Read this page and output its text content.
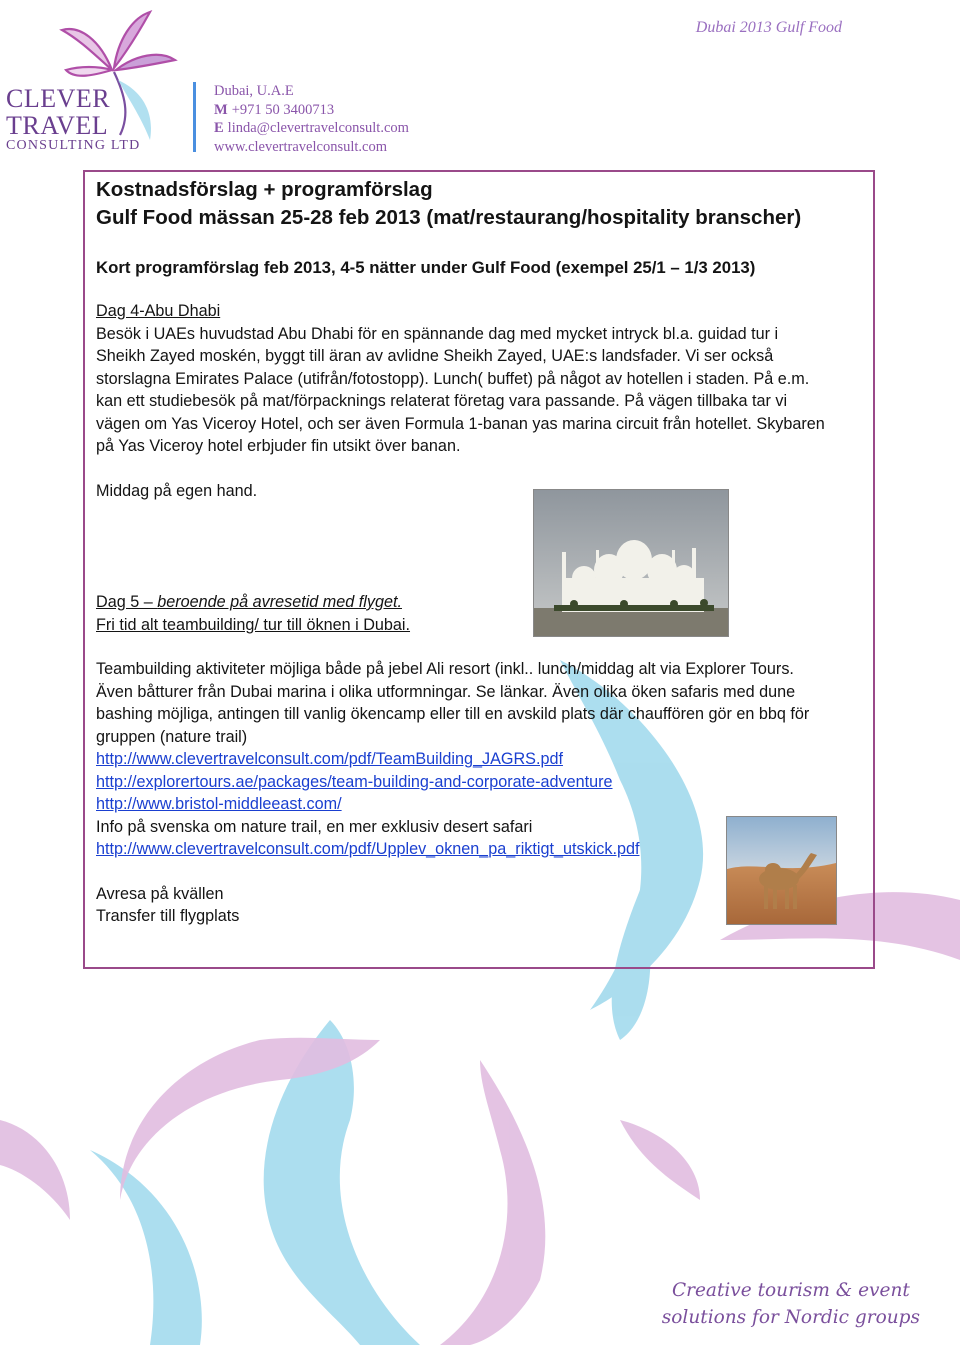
CLEVER
TRAVEL
CONSULTING LTD
Dubai, U.A.E
M +971 50 3400713
E linda@clevertravelconsult.com
www.clevertravelconsult.com
Dubai 2013 Gulf Food
Kostnadsförslag + programförslag
Gulf Food mässan 25-28 feb 2013 (mat/restaurang/hospitality branscher)
Kort programförslag feb 2013, 4-5 nätter under Gulf Food (exempel 25/1 – 1/3 2013)
Dag 4-Abu Dhabi

Besök i UAEs huvudstad Abu Dhabi för en spännande dag med mycket intryck bl.a. guidad tur i

Sheikh Zayed moskén, byggt till äran av avlidne Sheikh Zayed, UAE:s landsfader. Vi ser också

storslagna Emirates Palace (utifrån/fotostopp). Lunch( buffet) på något av hotellen i staden. På e.m.

kan ett studiebesök på mat/förpacknings relaterat företag vara passande. På vägen tillbaka tar vi

vägen om Yas Viceroy Hotel, och ser även Formula 1-banan yas marina circuit från hotellet. Skybaren

på Yas Viceroy hotel erbjuder fin utsikt över banan.

Middag på egen hand.
Dag 5 – beroende på avresetid med flyget.
Fri tid alt teambuilding/ tur till öknen i Dubai.
Teambuilding aktiviteter möjliga både på jebel Ali resort (inkl.. lunch/middag alt via Explorer Tours.
Även båtturer från Dubai marina i olika utformningar. Se länkar. Även olika öken safaris med dune
bashing möjliga, antingen till vanlig ökencamp eller till en avskild plats där chauffören gör en bbq för
gruppen (nature trail)
http://www.clevertravelconsult.com/pdf/TeamBuilding_JAGRS.pdf
http://explorertours.ae/packages/team-building-and-corporate-adventure
http://www.bristol-middleeast.com/
Info på svenska om nature trail, en mer exklusiv desert safari
http://www.clevertravelconsult.com/pdf/Upplev_oknen_pa_riktigt_utskick.pdf
Avresa på kvällen
Transfer till flygplats
Creative tourism & event
solutions for Nordic groups
